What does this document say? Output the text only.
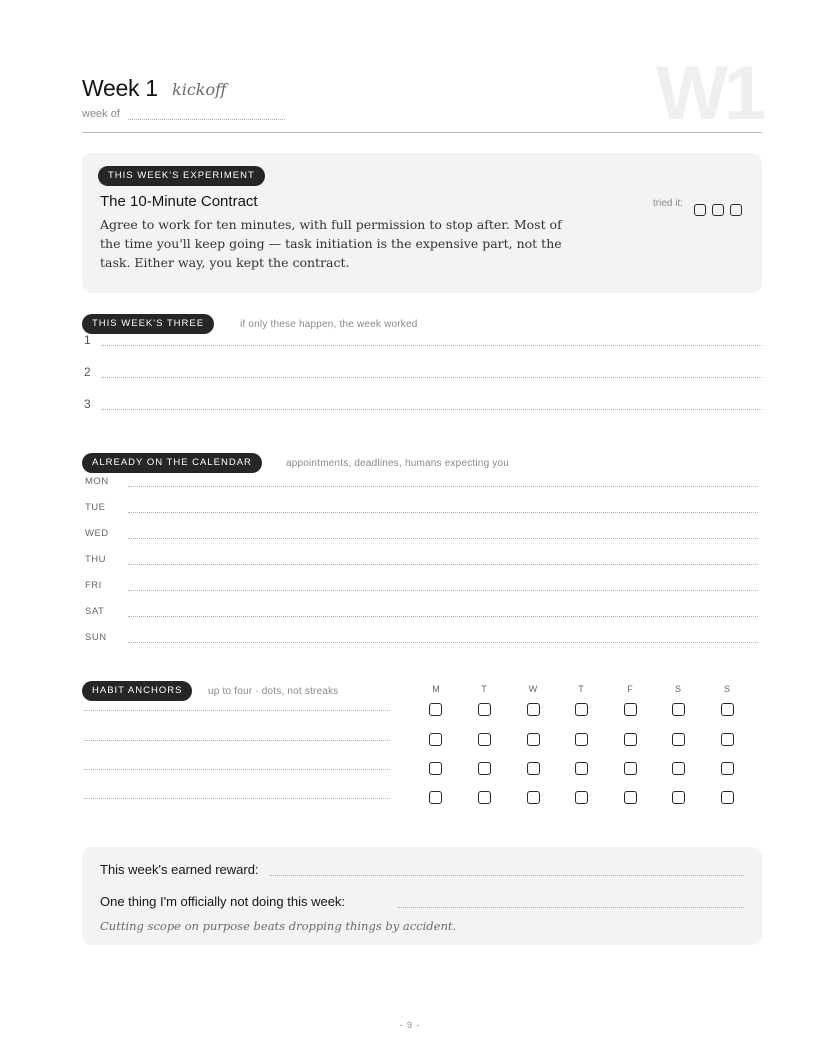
Week 1 kickoff
week of	W1
THIS WEEK'S EXPERIMENT
The 10-Minute Contract
Agree to work for ten minutes, with full permission to stop after. Most of the time you'll keep going — task initiation is the expensive part, not the task. Either way, you kept the contract.
tried it:
THIS WEEK'S THREE	if only these happen, the week worked
1
2
3
ALREADY ON THE CALENDAR	appointments, deadlines, humans expecting you
MON
TUE
WED
THU
FRI
SAT
SUN
HABIT ANCHORS	up to four · dots, not streaks	M	T	W	T	F	S	S
This week's earned reward:
One thing I'm officially not doing this week:
Cutting scope on purpose beats dropping things by accident.
- 9 -
